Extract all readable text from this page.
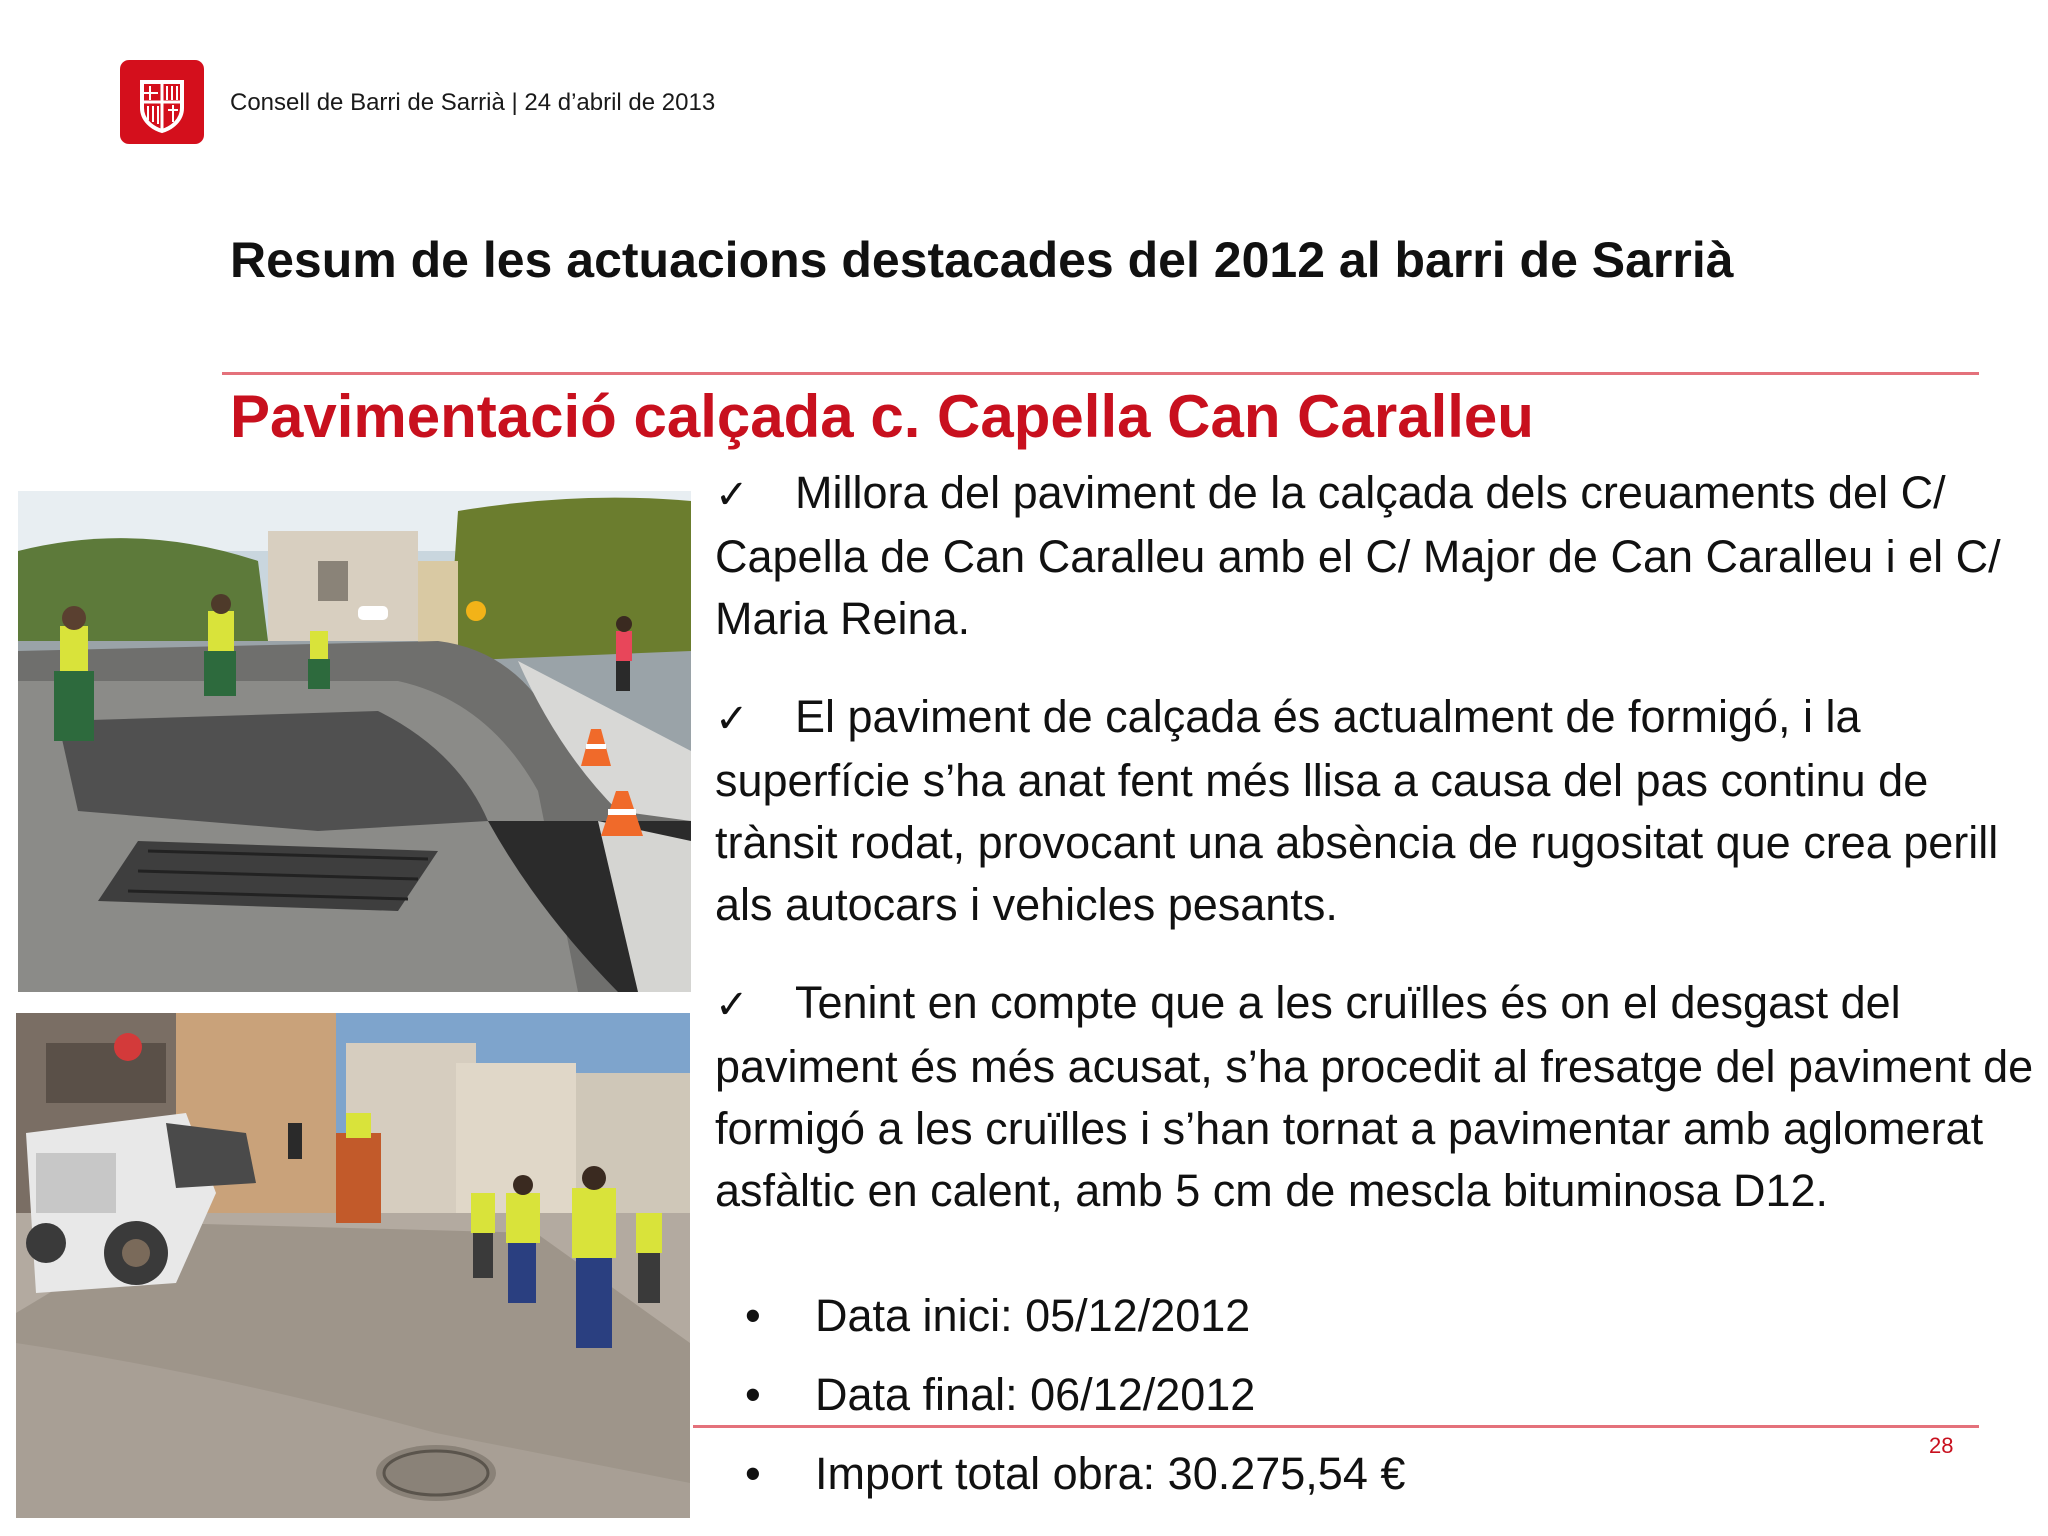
Consell de Barri de Sarrià | 24 d’abril de 2013
Resum de les actuacions destacades del 2012 al barri de Sarrià
Pavimentació calçada c. Capella Can Caralleu
✓ Millora del paviment de la calçada dels creuaments del C/ Capella de Can Caralleu amb el C/ Major de Can Caralleu i el C/ Maria Reina.
✓ El paviment de calçada és actualment de formigó, i la superfície s’ha anat fent més llisa a causa del pas continu de trànsit rodat, provocant una absència de rugositat que crea perill als autocars i vehicles pesants.
✓ Tenint en compte que a les cruïlles és on el desgast del paviment és més acusat, s’ha procedit al fresatge del paviment de formigó a les cruïlles i s’han tornat a pavimentar amb aglomerat asfàltic en calent, amb 5 cm de mescla bituminosa D12.
• Data inici: 05/12/2012
• Data final: 06/12/2012
• Import total obra: 30.275,54 €
28
